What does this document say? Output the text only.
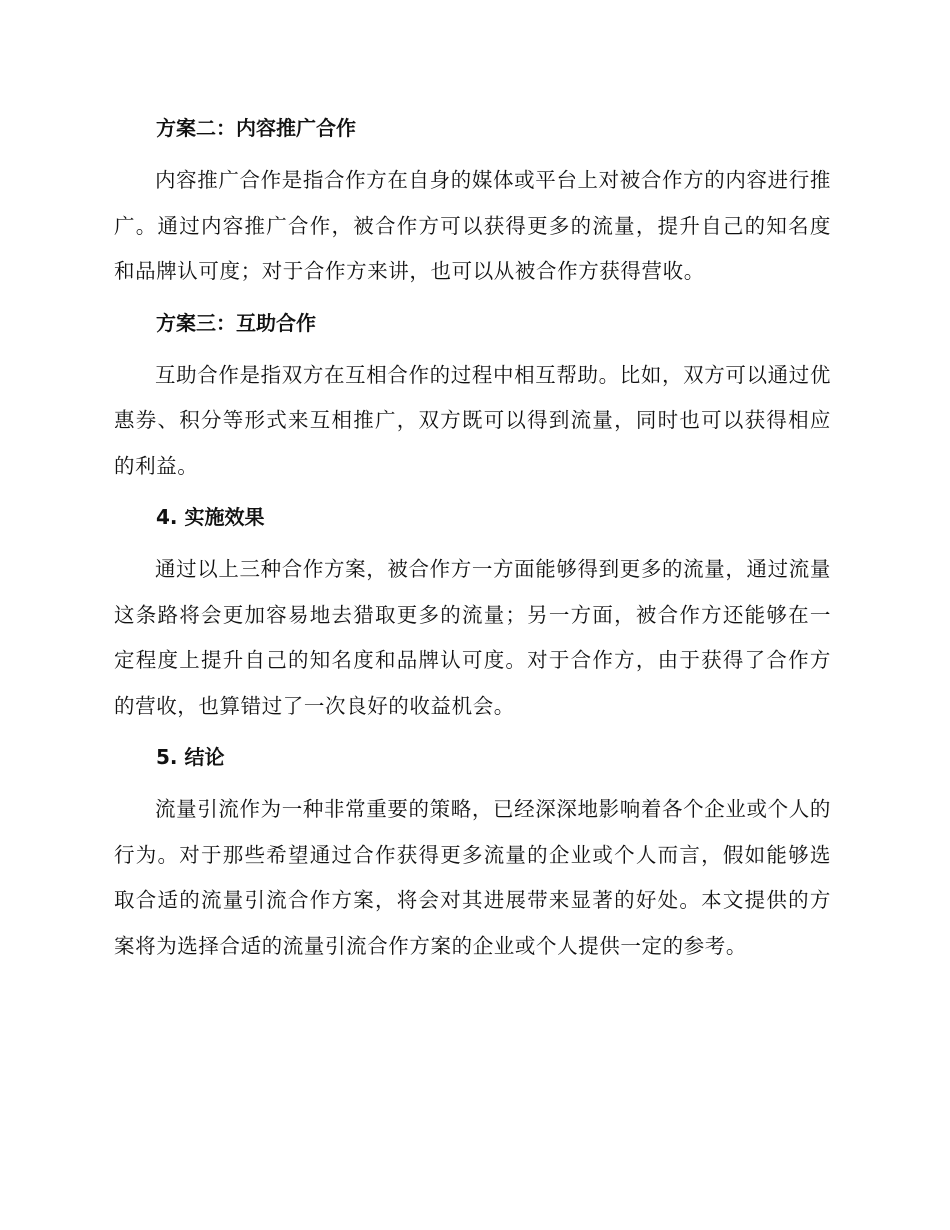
方案二：内容推广合作

内容推广合作是指合作方在自身的媒体或平台上对被合作方的内容进行推广。通过内容推广合作，被合作方可以获得更多的流量，提升自己的知名度和品牌认可度；对于合作方来讲，也可以从被合作方获得营收。

方案三：互助合作

互助合作是指双方在互相合作的过程中相互帮助。比如，双方可以通过优惠券、积分等形式来互相推广，双方既可以得到流量，同时也可以获得相应的利益。

4. 实施效果

通过以上三种合作方案，被合作方一方面能够得到更多的流量，通过流量这条路将会更加容易地去猎取更多的流量；另一方面，被合作方还能够在一定程度上提升自己的知名度和品牌认可度。对于合作方，由于获得了合作方的营收，也算错过了一次良好的收益机会。

5. 结论

流量引流作为一种非常重要的策略，已经深深地影响着各个企业或个人的行为。对于那些希望通过合作获得更多流量的企业或个人而言，假如能够选取合适的流量引流合作方案，将会对其进展带来显著的好处。本文提供的方案将为选择合适的流量引流合作方案的企业或个人提供一定的参考。
